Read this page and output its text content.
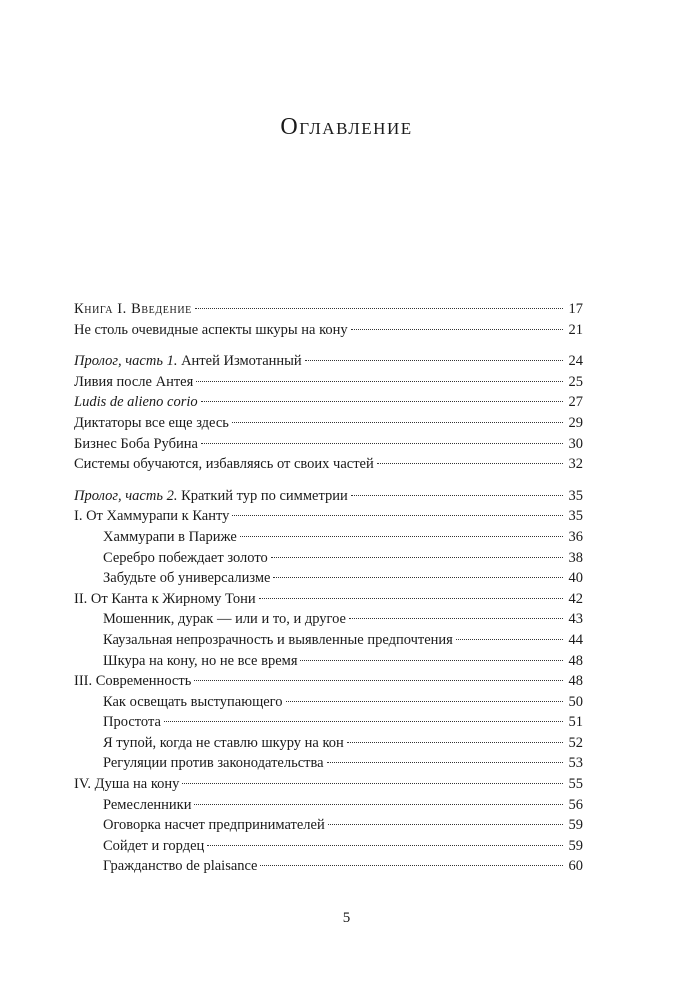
Оглавление
Книга I. Введение	17
Не столь очевидные аспекты шкуры на кону	21
Пролог, часть 1. Антей Измотанный	24
Ливия после Антея	25
Ludis de alieno corio	27
Диктаторы все еще здесь	29
Бизнес Боба Рубина	30
Системы обучаются, избавляясь от своих частей	32
Пролог, часть 2. Краткий тур по симметрии	35
I. От Хаммурапи к Канту	35
Хаммурапи в Париже	36
Серебро побеждает золото	38
Забудьте об универсализме	40
II. От Канта к Жирному Тони	42
Мошенник, дурак — или и то, и другое	43
Каузальная непрозрачность и выявленные предпочтения	44
Шкура на кону, но не все время	48
III. Современность	48
Как освещать выступающего	50
Простота	51
Я тупой, когда не ставлю шкуру на кон	52
Регуляции против законодательства	53
IV. Душа на кону	55
Ремесленники	56
Оговорка насчет предпринимателей	59
Сойдет и гордец	59
Гражданство de plaisance	60
5
